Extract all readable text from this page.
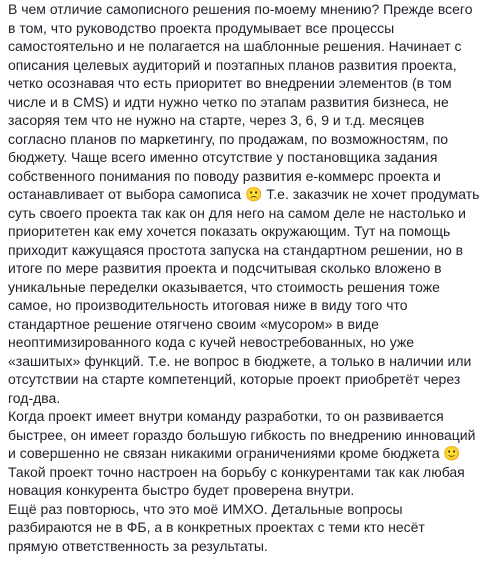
В чем отличие самописного решения по-моему мнению? Прежде всего
в том, что руководство проекта продумывает все процессы
самостоятельно и не полагается на шаблонные решения. Начинает с
описания целевых аудиторий и поэтапных планов развития проекта,
четко осознавая что есть приоритет во внедрении элементов (в том
числе и в CMS) и идти нужно четко по этапам развития бизнеса, не
засоряя тем что не нужно на старте, через 3, 6, 9 и т.д. месяцев
согласно планов по маркетингу, по продажам, по возможностям, по
бюджету. Чаще всего именно отсутствие у постановщика задания
собственного понимания по поводу развития е-коммерс проекта и
останавливает от выбора самописа 🙁 Т.е. заказчик не хочет продумать
суть своего проекта так как он для него на самом деле не настолько и
приоритетен как ему хочется показать окружающим. Тут на помощь
приходит кажущаяся простота запуска на стандартном решении, но в
итоге по мере развития проекта и подсчитывая сколько вложено в
уникальные переделки оказывается, что стоимость решения тоже
самое, но производительность итоговая ниже в виду того что
стандартное решение отягчено своим «мусором» в виде
неоптимизированного кода с кучей невостребованных, но уже
«зашитых» функций. Т.е. не вопрос в бюджете, а только в наличии или
отсутствии на старте компетенций, которые проект приобретёт через
год-два.

Когда проект имеет внутри команду разработки, то он развивается
быстрее, он имеет гораздо большую гибкость по внедрению инноваций
и совершенно не связан никакими ограничениями кроме бюджета 🙂
Такой проект точно настроен на борьбу с конкурентами так как любая
новация конкурента быстро будет проверена внутри.

Ещё раз повторюсь, что это моё ИМХО. Детальные вопросы
разбираются не в ФБ, а в конкретных проектах с теми кто несёт
прямую ответственность за результаты.
